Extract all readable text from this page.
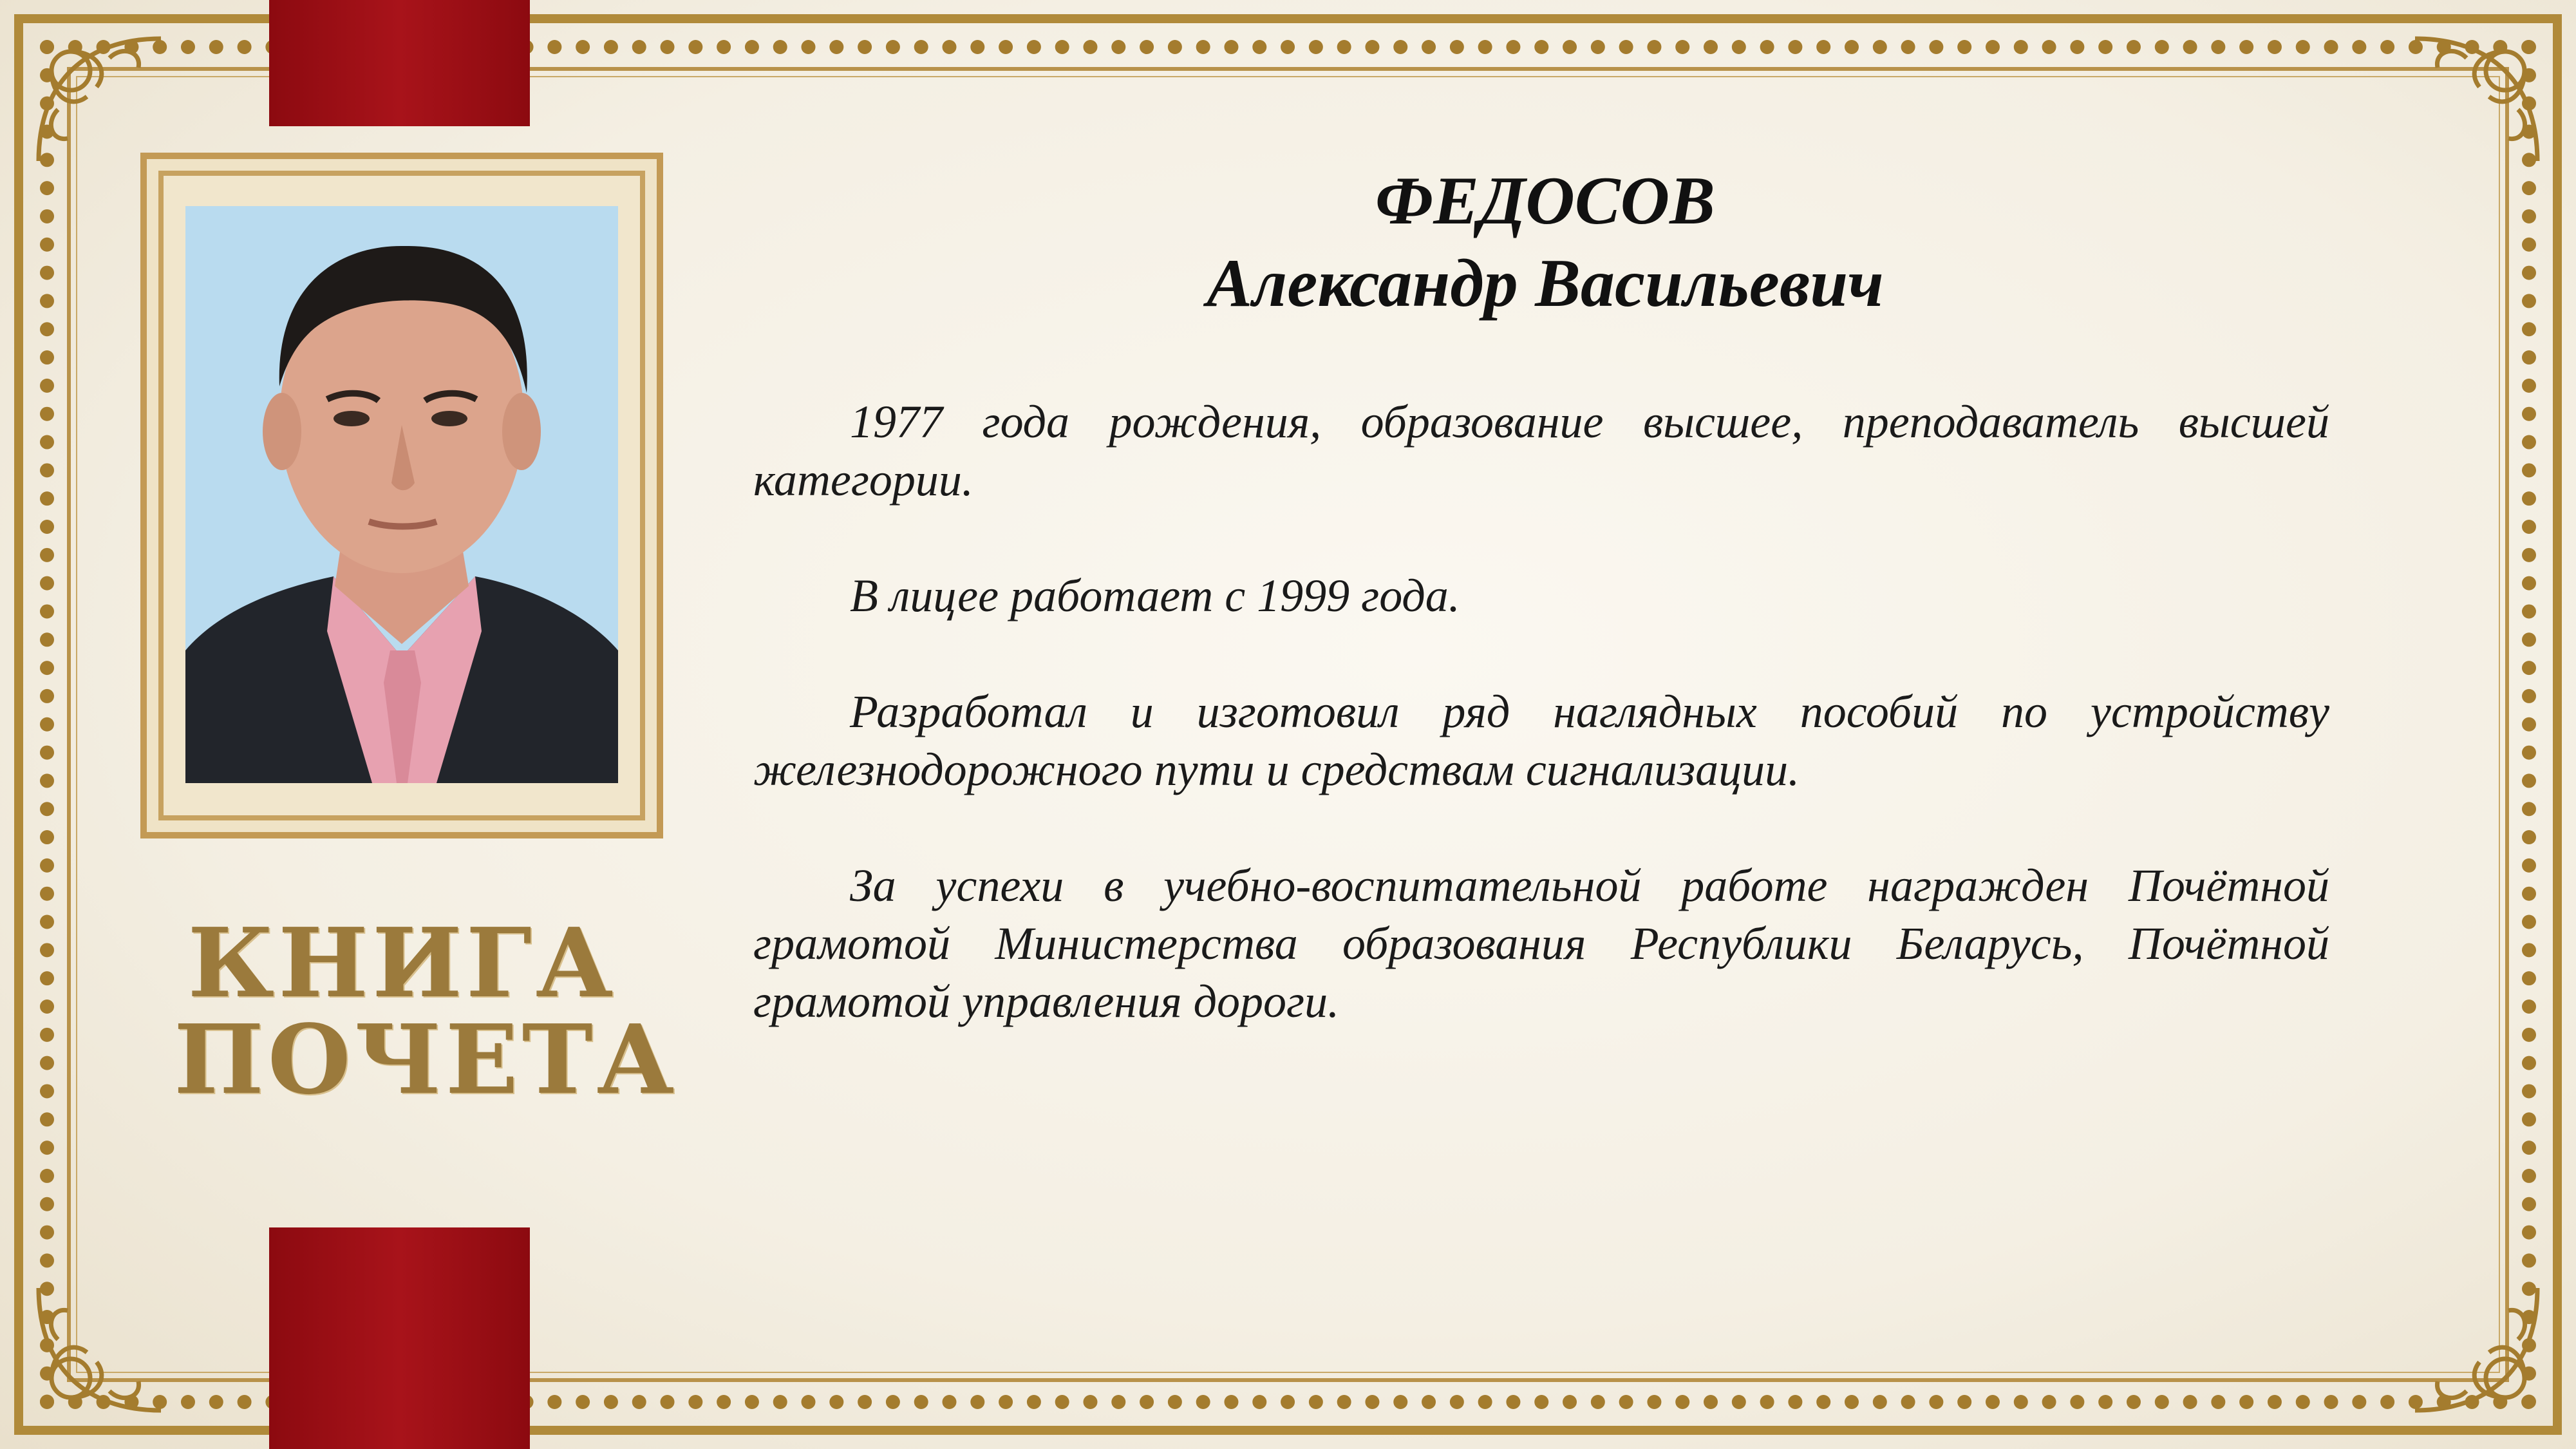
КНИГА
ПОЧЕТА
ФЕДОСОВ
Александр Васильевич

1977 года рождения, образование высшее, преподаватель высшей категории.

В лицее работает с 1999 года.

Разработал и изготовил ряд наглядных пособий по устройству железнодорожного пути и средствам сигнализации.

За успехи в учебно-воспитательной работе награжден Почётной грамотой Министерства образования Республики Беларусь, Почётной грамотой управления дороги.
